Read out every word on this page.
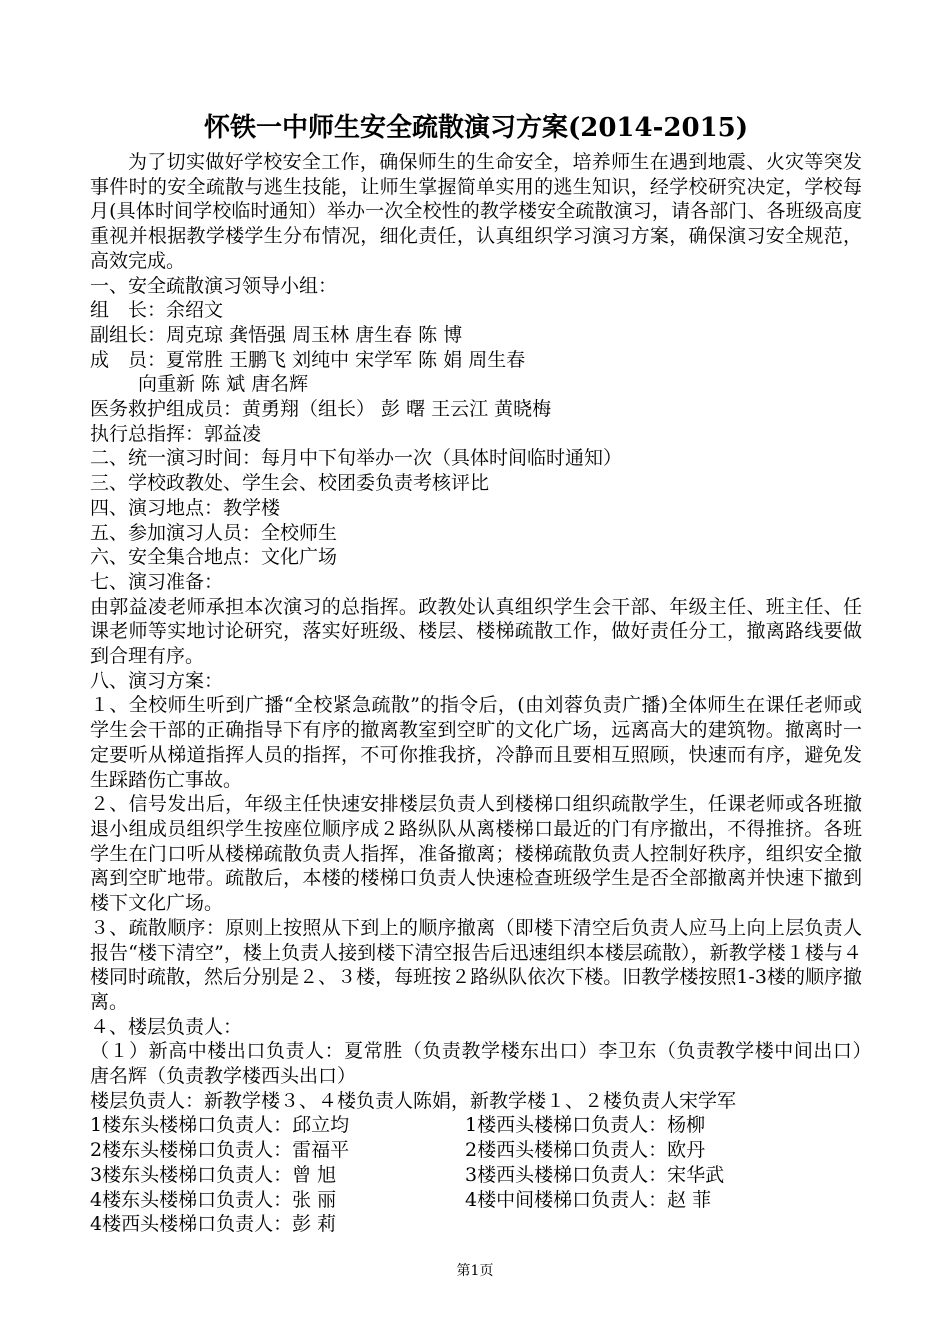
怀铁一中师生安全疏散演习方案(2014-2015)

为了切实做好学校安全工作，确保师生的生命安全，培养师生在遇到地震、火灾等突发事件时的安全疏散与逃生技能，让师生掌握简单实用的逃生知识，经学校研究决定，学校每月(具体时间学校临时通知）举办一次全校性的教学楼安全疏散演习，请各部门、各班级高度重视并根据教学楼学生分布情况，细化责任，认真组织学习演习方案，确保演习安全规范，高效完成。

一、安全疏散演习领导小组：

组　长：余绍文

副组长：周克琼 龚悟强 周玉林 唐生春 陈 博

成　员：夏常胜 王鹏飞 刘纯中 宋学军 陈 娟 周生春

向重新 陈 斌 唐名辉

医务救护组成员：黄勇翔（组长） 彭 曙 王云江 黄晓梅

执行总指挥：郭益凌

二、统一演习时间：每月中下旬举办一次（具体时间临时通知）

三、学校政教处、学生会、校团委负责考核评比

四、演习地点：教学楼

五、参加演习人员：全校师生

六、安全集合地点：文化广场

七、演习准备：

由郭益凌老师承担本次演习的总指挥。政教处认真组织学生会干部、年级主任、班主任、任课老师等实地讨论研究，落实好班级、楼层、楼梯疏散工作，做好责任分工，撤离路线要做到合理有序。

八、演习方案：

１、全校师生听到广播“全校紧急疏散”的指令后，(由刘蓉负责广播)全体师生在课任老师或学生会干部的正确指导下有序的撤离教室到空旷的文化广场，远离高大的建筑物。撤离时一定要听从梯道指挥人员的指挥，不可你推我挤，冷静而且要相互照顾，快速而有序，避免发生踩踏伤亡事故。

２、信号发出后，年级主任快速安排楼层负责人到楼梯口组织疏散学生，任课老师或各班撤退小组成员组织学生按座位顺序成２路纵队从离楼梯口最近的门有序撤出，不得推挤。各班学生在门口听从楼梯疏散负责人指挥，准备撤离；楼梯疏散负责人控制好秩序，组织安全撤离到空旷地带。疏散后，本楼的楼梯口负责人快速检查班级学生是否全部撤离并快速下撤到楼下文化广场。

３、疏散顺序：原则上按照从下到上的顺序撤离（即楼下清空后负责人应马上向上层负责人报告“楼下清空”，楼上负责人接到楼下清空报告后迅速组织本楼层疏散），新教学楼１楼与４楼同时疏散，然后分别是２、３楼，每班按２路纵队依次下楼。旧教学楼按照1-3楼的顺序撤离。

４、楼层负责人：

（１）新高中楼出口负责人：夏常胜（负责教学楼东出口）李卫东（负责教学楼中间出口）　 唐名辉（负责教学楼西头出口）

楼层负责人：新教学楼３、４楼负责人陈娟，新教学楼１、２楼负责人宋学军

1楼东头楼梯口负责人：邱立均	1楼西头楼梯口负责人：杨柳
2楼东头楼梯口负责人：雷福平	2楼西头楼梯口负责人：欧丹
3楼东头楼梯口负责人：曾 旭	3楼西头楼梯口负责人：宋华武
4楼东头楼梯口负责人：张 丽	4楼中间楼梯口负责人：赵 菲

4楼西头楼梯口负责人：彭 莉

第1页
